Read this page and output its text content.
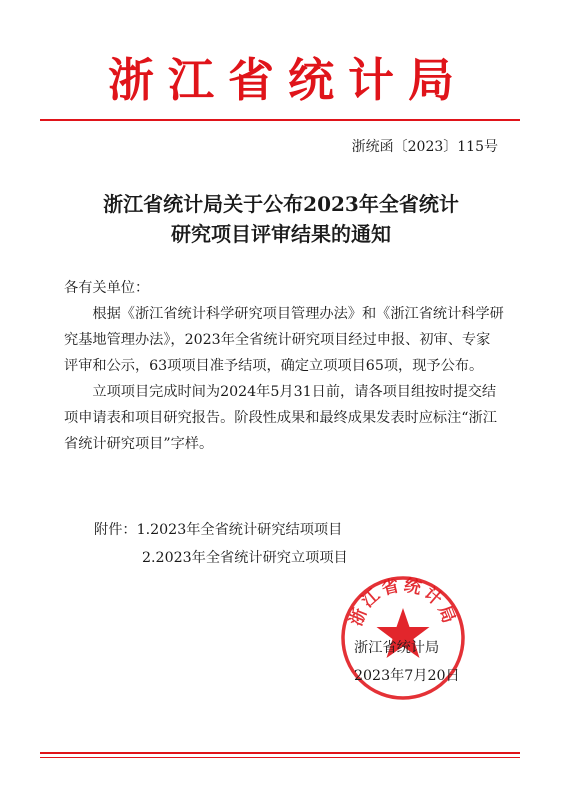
浙江省统计局
浙统函〔2023〕115号
浙江省统计局关于公布2023年全省统计
研究项目评审结果的通知

各有关单位：

根据《浙江省统计科学研究项目管理办法》和《浙江省统计科学研究基地管理办法》，2023年全省统计研究项目经过申报、初审、专家评审和公示，63项项目准予结项，确定立项项目65项，现予公布。

立项项目完成时间为2024年5月31日前，请各项目组按时提交结项申请表和项目研究报告。阶段性成果和最终成果发表时应标注“浙江省统计研究项目”字样。

附件：1.2023年全省统计研究结项项目
2.2023年全省统计研究立项项目
浙江省统计局
浙江省统计局
2023年7月20日
